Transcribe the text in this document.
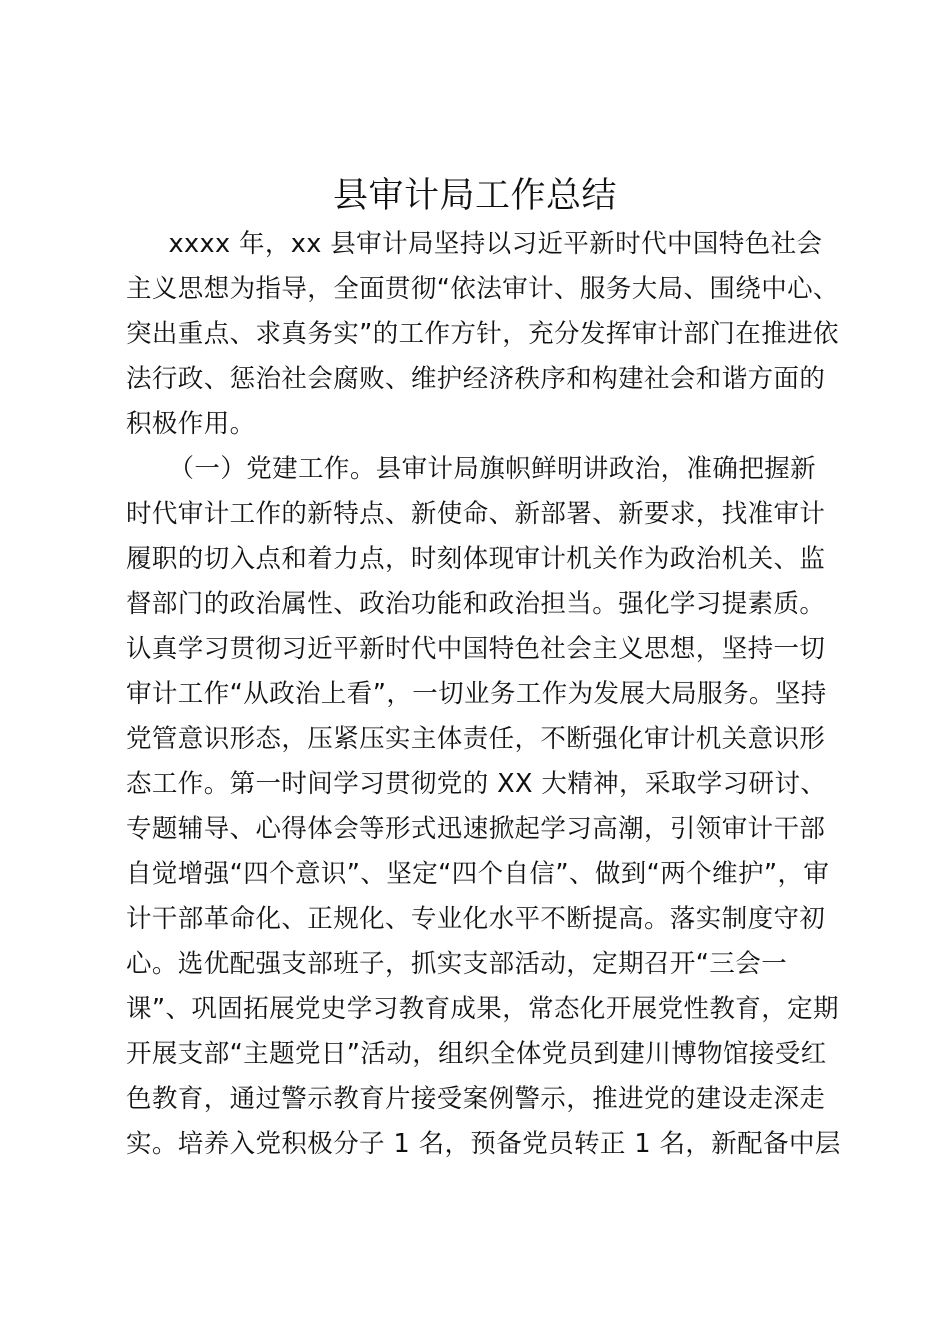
县审计局工作总结
xxxx 年，xx 县审计局坚持以习近平新时代中国特色社会
主义思想为指导，全面贯彻“依法审计、服务大局、围绕中心、
突出重点、求真务实”的工作方针，充分发挥审计部门在推进依
法行政、惩治社会腐败、维护经济秩序和构建社会和谐方面的
积极作用。
（一）党建工作。县审计局旗帜鲜明讲政治，准确把握新
时代审计工作的新特点、新使命、新部署、新要求，找准审计
履职的切入点和着力点，时刻体现审计机关作为政治机关、监
督部门的政治属性、政治功能和政治担当。强化学习提素质。
认真学习贯彻习近平新时代中国特色社会主义思想，坚持一切
审计工作“从政治上看”，一切业务工作为发展大局服务。坚持
党管意识形态，压紧压实主体责任，不断强化审计机关意识形
态工作。第一时间学习贯彻党的 XX 大精神，采取学习研讨、
专题辅导、心得体会等形式迅速掀起学习高潮，引领审计干部
自觉增强“四个意识”、坚定“四个自信”、做到“两个维护”，审
计干部革命化、正规化、专业化水平不断提高。落实制度守初
心。选优配强支部班子，抓实支部活动，定期召开“三会一
课”、巩固拓展党史学习教育成果，常态化开展党性教育，定期
开展支部“主题党日”活动，组织全体党员到建川博物馆接受红
色教育，通过警示教育片接受案例警示，推进党的建设走深走
实。培养入党积极分子 1 名，预备党员转正 1 名，新配备中层
